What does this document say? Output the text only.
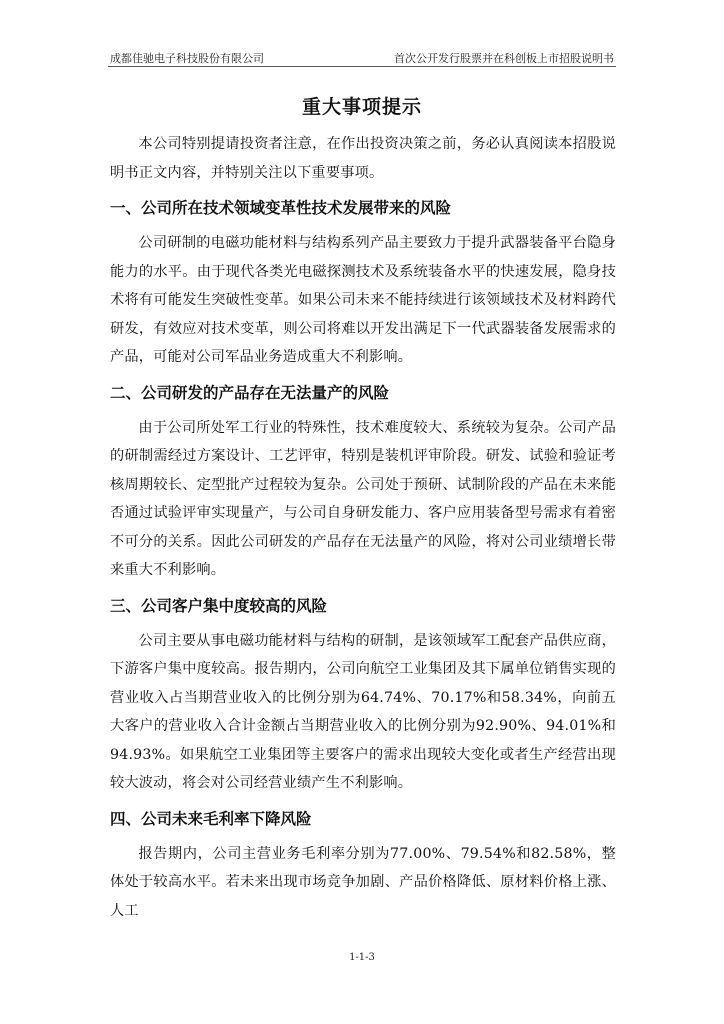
成都佳驰电子科技股份有限公司	首次公开发行股票并在科创板上市招股说明书
重大事项提示

本公司特别提请投资者注意，在作出投资决策之前，务必认真阅读本招股说明书正文内容，并特别关注以下重要事项。

一、公司所在技术领域变革性技术发展带来的风险

公司研制的电磁功能材料与结构系列产品主要致力于提升武器装备平台隐身能力的水平。由于现代各类光电磁探测技术及系统装备水平的快速发展，隐身技术将有可能发生突破性变革。如果公司未来不能持续进行该领域技术及材料跨代研发，有效应对技术变革，则公司将难以开发出满足下一代武器装备发展需求的产品，可能对公司军品业务造成重大不利影响。

二、公司研发的产品存在无法量产的风险

由于公司所处军工行业的特殊性，技术难度较大、系统较为复杂。公司产品的研制需经过方案设计、工艺评审，特别是装机评审阶段。研发、试验和验证考核周期较长、定型批产过程较为复杂。公司处于预研、试制阶段的产品在未来能否通过试验评审实现量产，与公司自身研发能力、客户应用装备型号需求有着密不可分的关系。因此公司研发的产品存在无法量产的风险，将对公司业绩增长带来重大不利影响。

三、公司客户集中度较高的风险

公司主要从事电磁功能材料与结构的研制，是该领域军工配套产品供应商，下游客户集中度较高。报告期内，公司向航空工业集团及其下属单位销售实现的营业收入占当期营业收入的比例分别为64.74%、70.17%和58.34%，向前五大客户的营业收入合计金额占当期营业收入的比例分别为92.90%、94.01%和94.93%。如果航空工业集团等主要客户的需求出现较大变化或者生产经营出现较大波动，将会对公司经营业绩产生不利影响。

四、公司未来毛利率下降风险

报告期内，公司主营业务毛利率分别为77.00%、79.54%和82.58%，整体处于较高水平。若未来出现市场竞争加剧、产品价格降低、原材料价格上涨、人工

1-1-3
